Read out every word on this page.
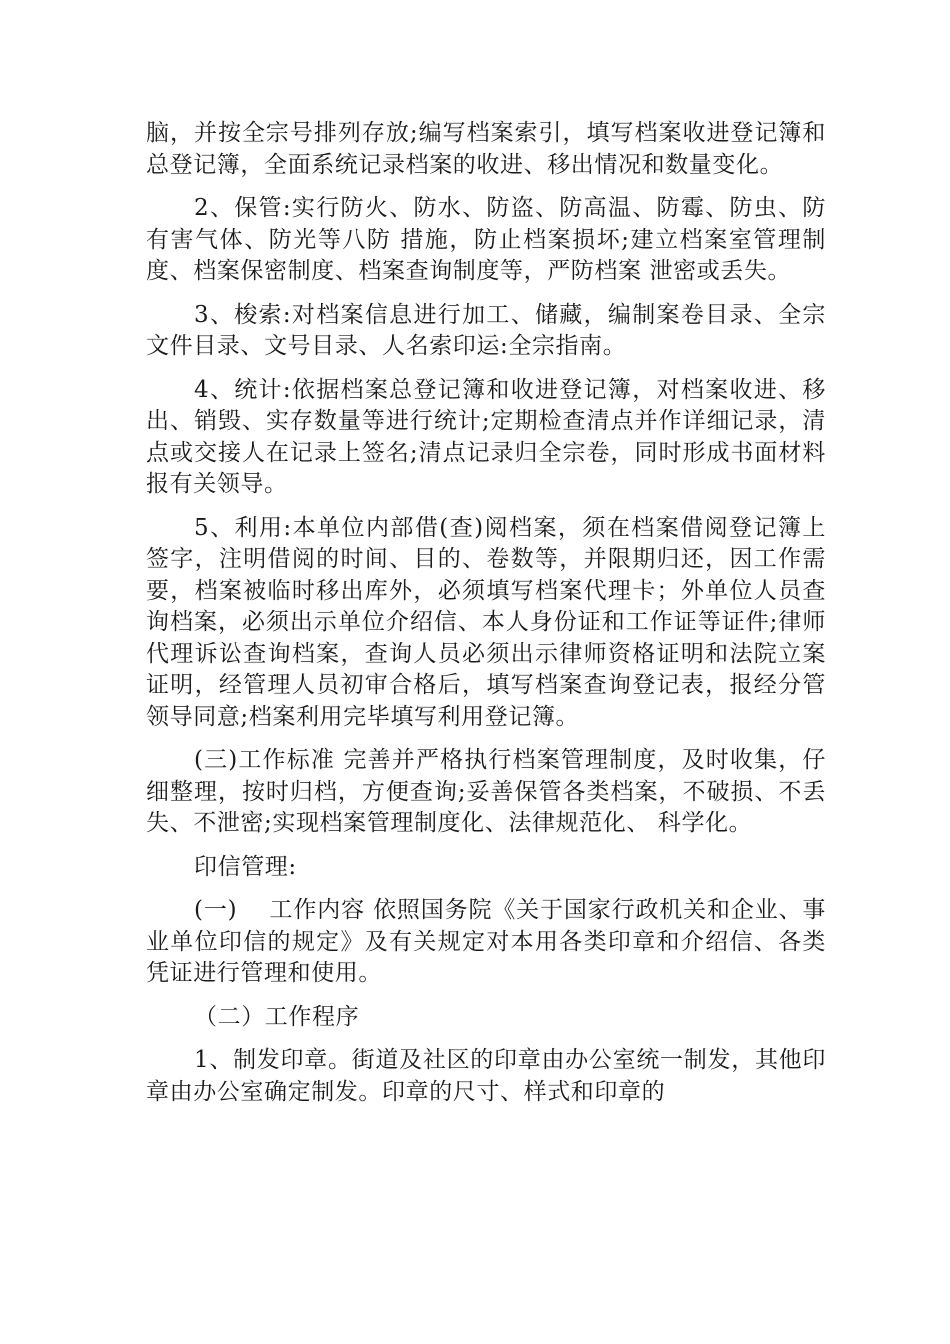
脑，并按全宗号排列存放;编写档案索引，填写档案收进登记簿和总登记簿，全面系统记录档案的收进、移出情况和数量变化。

2、保管:实行防火、防水、防盗、防高温、防霉、防虫、防有害气体、防光等八防 措施，防止档案损坏;建立档案室管理制度、档案保密制度、档案查询制度等，严防档案 泄密或丢失。

3、梭索:对档案信息进行加工、储藏，编制案卷目录、全宗文件目录、文号目录、人名索印运:全宗指南。

4、统计:依据档案总登记簿和收进登记簿，对档案收进、移出、销毁、实存数量等进行统计;定期检查清点并作详细记录，清点或交接人在记录上签名;清点记录归全宗卷，同时形成书面材料报有关领导。

5、利用:本单位内部借(查)阅档案，须在档案借阅登记簿上签字，注明借阅的时间、目的、卷数等，并限期归还，因工作需要，档案被临时移出库外，必须填写档案代理卡；外单位人员查询档案，必须出示单位介绍信、本人身份证和工作证等证件;律师代理诉讼查询档案，查询人员必须出示律师资格证明和法院立案证明，经管理人员初审合格后，填写档案查询登记表，报经分管领导同意;档案利用完毕填写利用登记簿。

(三)工作标准 完善并严格执行档案管理制度，及时收集，仔细整理，按时归档，方便查询;妥善保管各类档案，不破损、不丢失、不泄密;实现档案管理制度化、法律规范化、 科学化。

印信管理:

(一)　 工作内容 依照国务院《关于国家行政机关和企业、事业单位印信的规定》及有关规定对本用各类印章和介绍信、各类凭证进行管理和使用。

（二）工作程序

1、制发印章。街道及社区的印章由办公室统一制发，其他印章由办公室确定制发。印章的尺寸、样式和印章的
